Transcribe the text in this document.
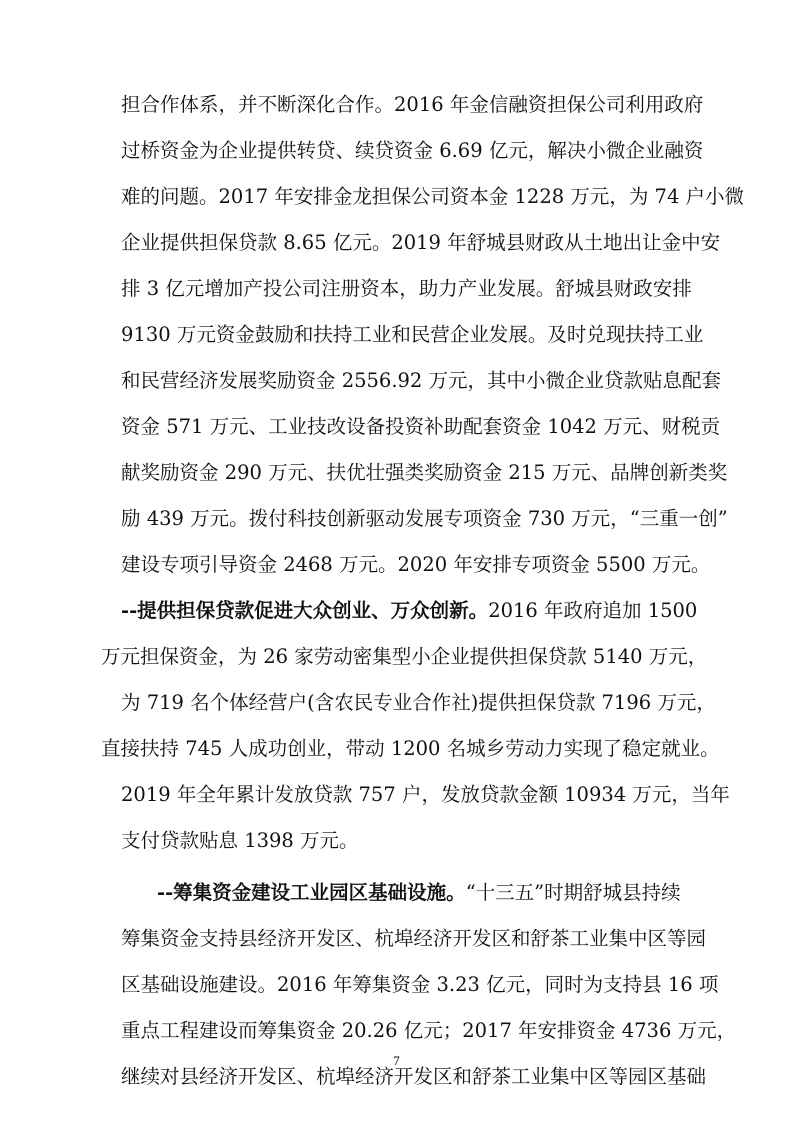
担合作体系，并不断深化合作。2016 年金信融资担保公司利用政府
过桥资金为企业提供转贷、续贷资金 6.69 亿元，解决小微企业融资
难的问题。2017 年安排金龙担保公司资本金 1228 万元，为 74 户小微
企业提供担保贷款 8.65 亿元。2019 年舒城县财政从土地出让金中安
排 3 亿元增加产投公司注册资本，助力产业发展。舒城县财政安排
9130 万元资金鼓励和扶持工业和民营企业发展。及时兑现扶持工业
和民营经济发展奖励资金 2556.92 万元，其中小微企业贷款贴息配套
资金 571 万元、工业技改设备投资补助配套资金 1042 万元、财税贡
献奖励资金 290 万元、扶优壮强类奖励资金 215 万元、品牌创新类奖
励 439 万元。拨付科技创新驱动发展专项资金 730 万元，“三重一创”
建设专项引导资金 2468 万元。2020 年安排专项资金 5500 万元。
--提供担保贷款促进大众创业、万众创新。2016 年政府追加 1500
万元担保资金，为 26 家劳动密集型小企业提供担保贷款 5140 万元，
为 719 名个体经营户(含农民专业合作社)提供担保贷款 7196 万元，
直接扶持 745 人成功创业，带动 1200 名城乡劳动力实现了稳定就业。
2019 年全年累计发放贷款 757 户，发放贷款金额 10934 万元，当年
支付贷款贴息 1398 万元。
--筹集资金建设工业园区基础设施。“十三五”时期舒城县持续
筹集资金支持县经济开发区、杭埠经济开发区和舒茶工业集中区等园
区基础设施建设。2016 年筹集资金 3.23 亿元，同时为支持县 16 项
重点工程建设而筹集资金 20.26 亿元；2017 年安排资金 4736 万元，
继续对县经济开发区、杭埠经济开发区和舒茶工业集中区等园区基础
7
